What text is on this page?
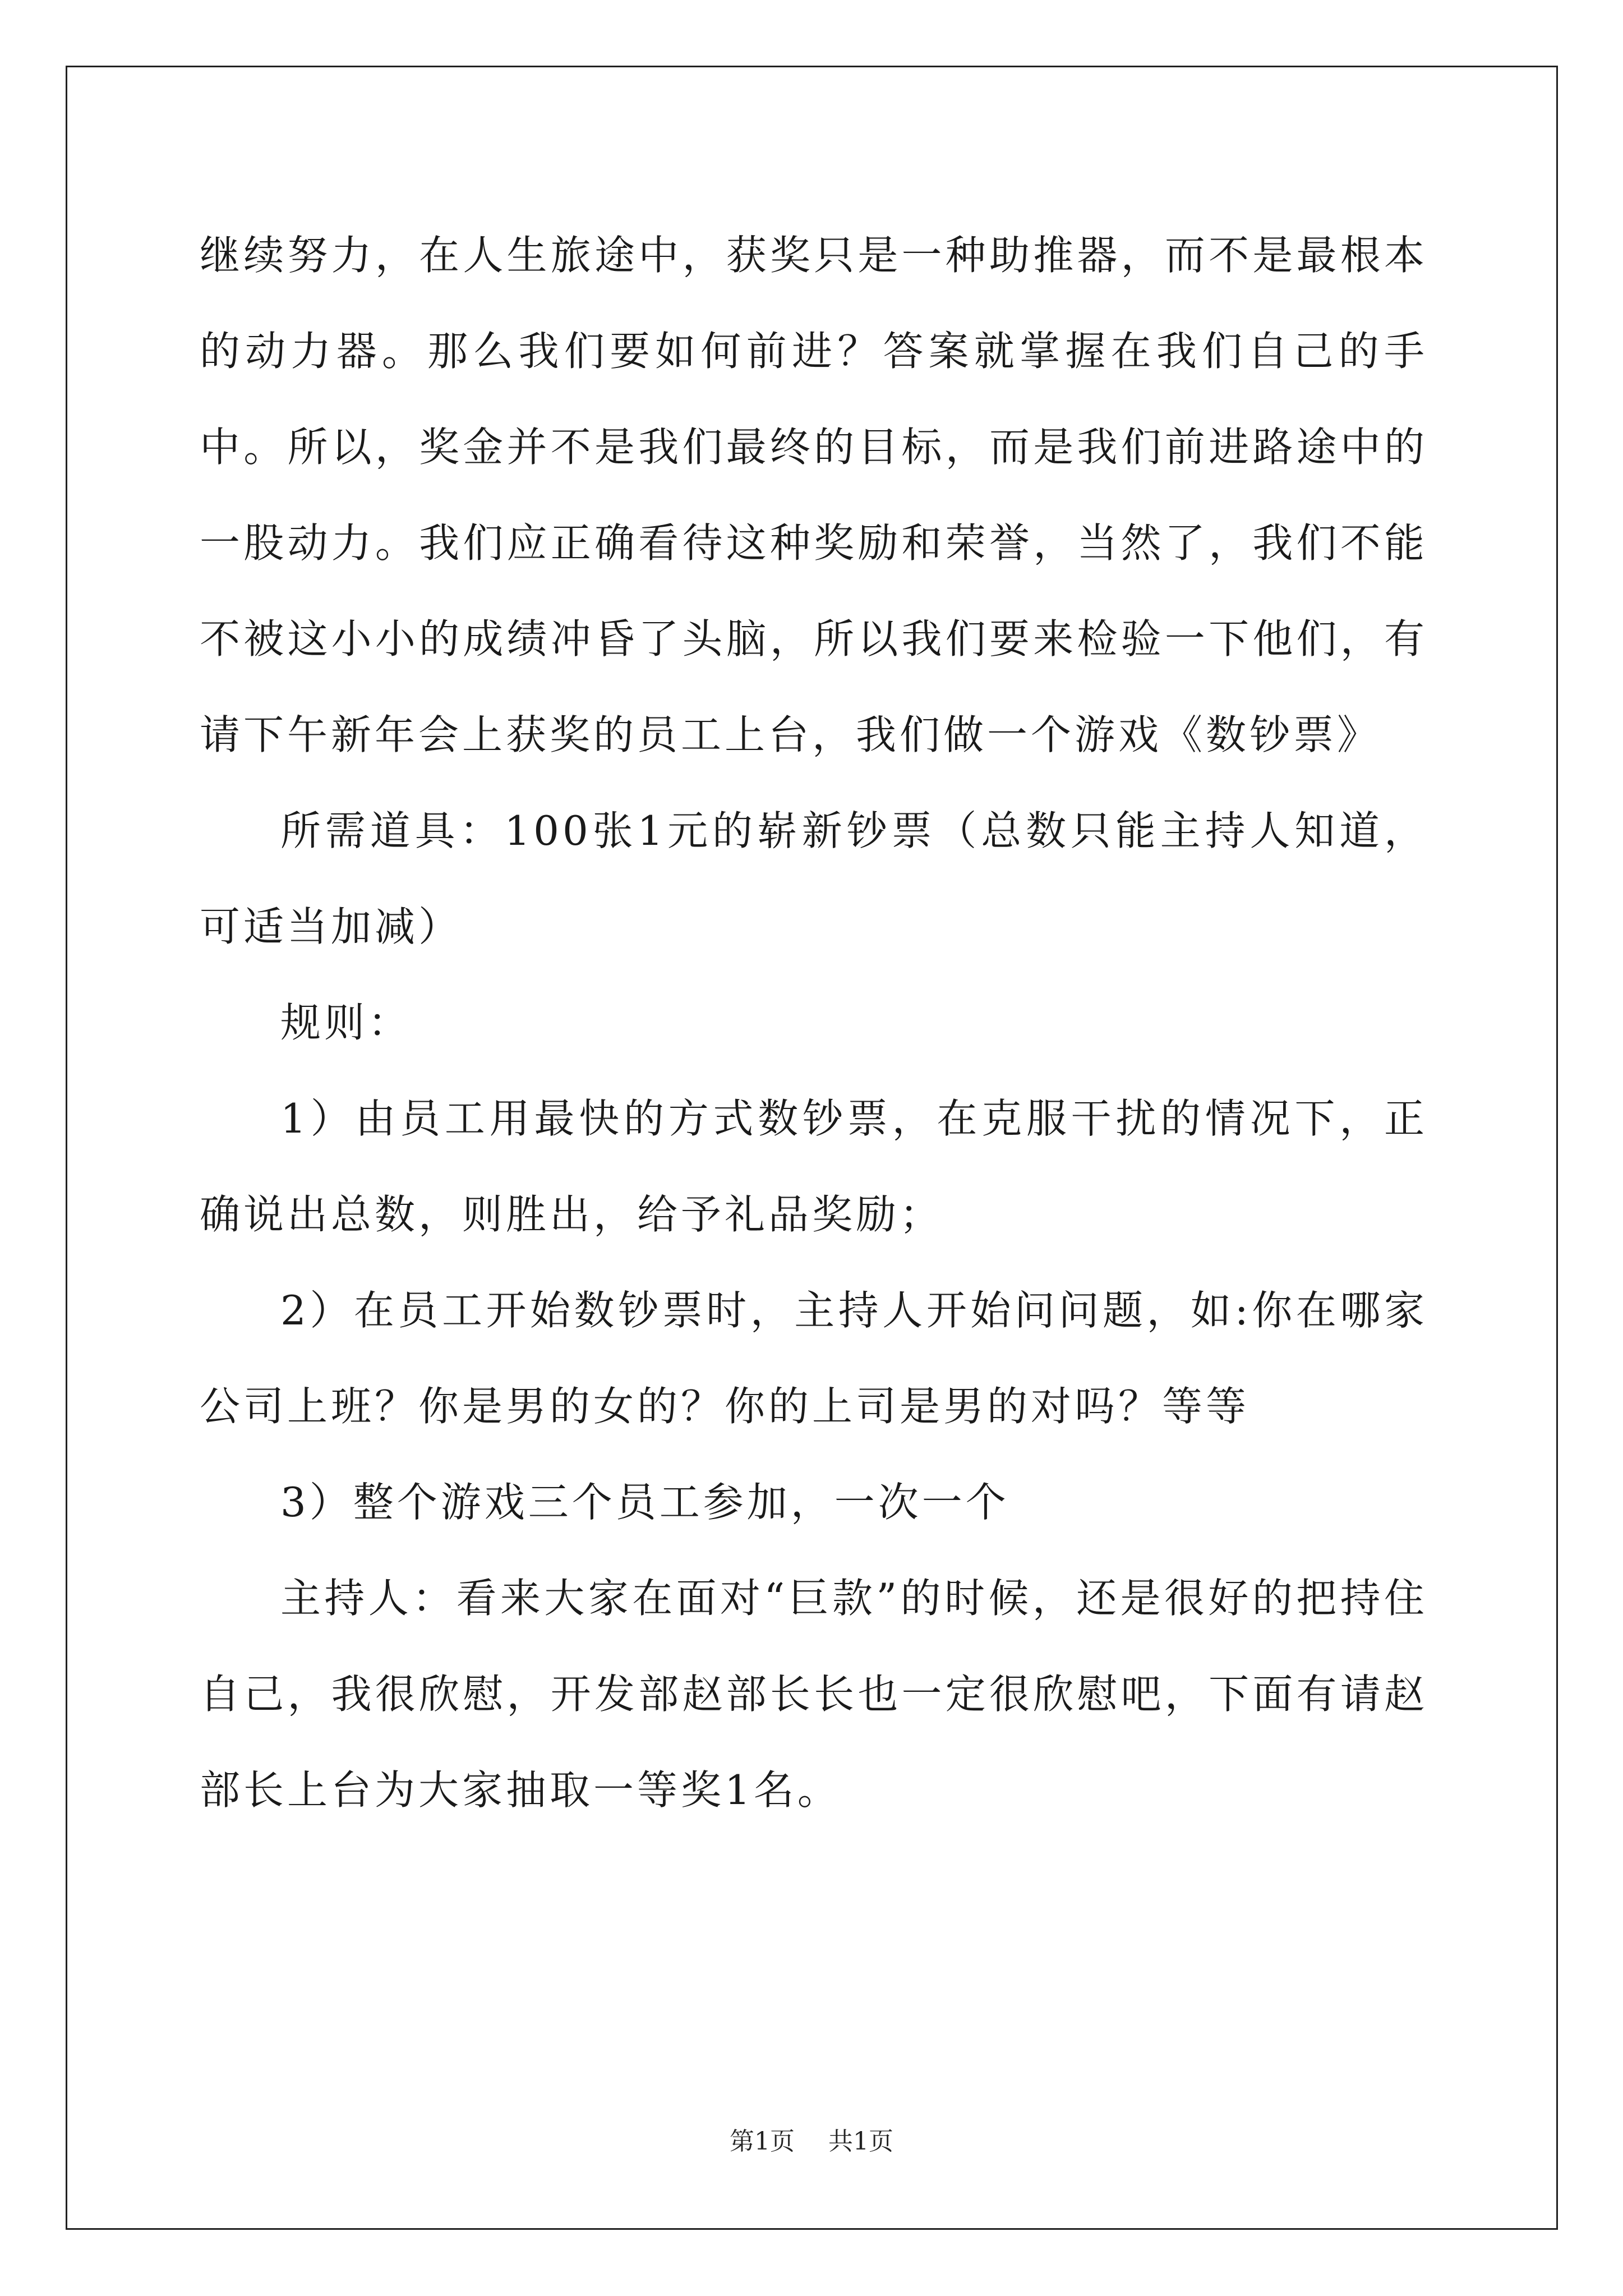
继续努力，在人生旅途中，获奖只是一种助推器，而不是最根本的动力器。那么我们要如何前进？答案就掌握在我们自己的手中。所以，奖金并不是我们最终的目标，而是我们前进路途中的一股动力。我们应正确看待这种奖励和荣誉，当然了，我们不能不被这小小的成绩冲昏了头脑，所以我们要来检验一下他们，有请下午新年会上获奖的员工上台，我们做一个游戏《数钞票》

所需道具：100张1元的崭新钞票（总数只能主持人知道，可适当加减）

规则：

1）由员工用最快的方式数钞票，在克服干扰的情况下，正确说出总数，则胜出，给予礼品奖励；

2）在员工开始数钞票时，主持人开始问问题，如:你在哪家公司上班？你是男的女的？你的上司是男的对吗？等等

3）整个游戏三个员工参加，一次一个

主持人：看来大家在面对“巨款”的时候，还是很好的把持住自己，我很欣慰，开发部赵部长长也一定很欣慰吧，下面有请赵部长上台为大家抽取一等奖1名。

第1页 共1页
